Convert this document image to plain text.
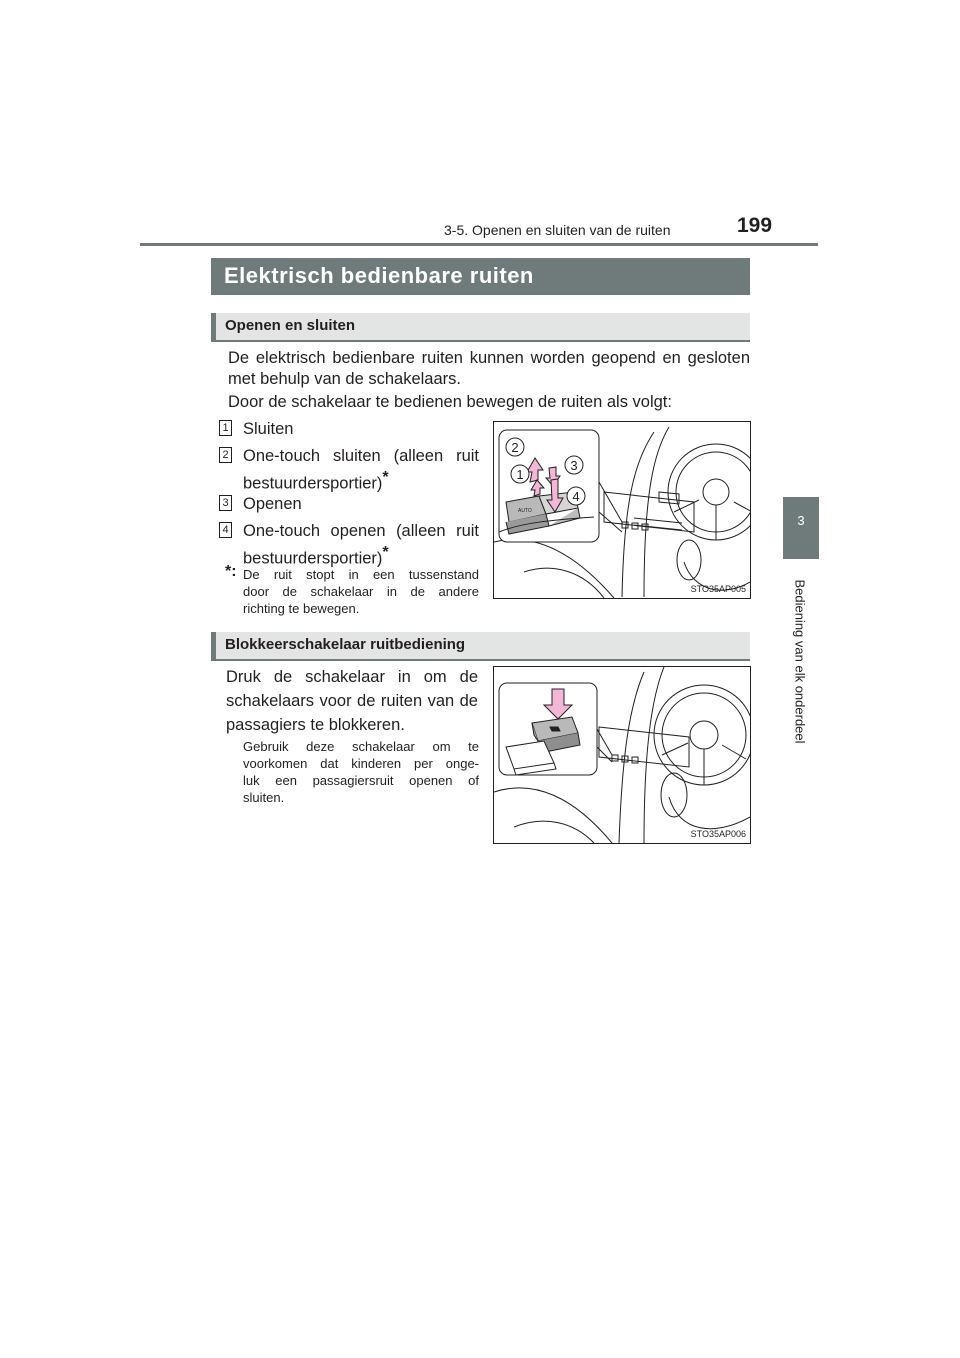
3-5. Openen en sluiten van de ruiten	199
3
Bediening van elk onderdeel
Elektrisch bedienbare ruiten
Openen en sluiten
De elektrisch bedienbare ruiten kunnen worden geopend en gesloten
met behulp van de schakelaars.
Door de schakelaar te bedienen bewegen de ruiten als volgt:
1 Sluiten
2 One-touch sluiten (alleen ruit
bestuurdersportier)*
3 Openen
4 One-touch openen (alleen ruit
bestuurdersportier)*
*: De ruit stopt in een tussenstand
door de schakelaar in de andere
richting te bewegen.
AUTO
2
3
1
4
STO35AP005
Blokkeerschakelaar ruitbediening
Druk de schakelaar in om de
schakelaars voor de ruiten van de
passagiers te blokkeren.
Gebruik deze schakelaar om te
voorkomen dat kinderen per onge-
luk een passagiersruit openen of
sluiten.
STO35AP006
